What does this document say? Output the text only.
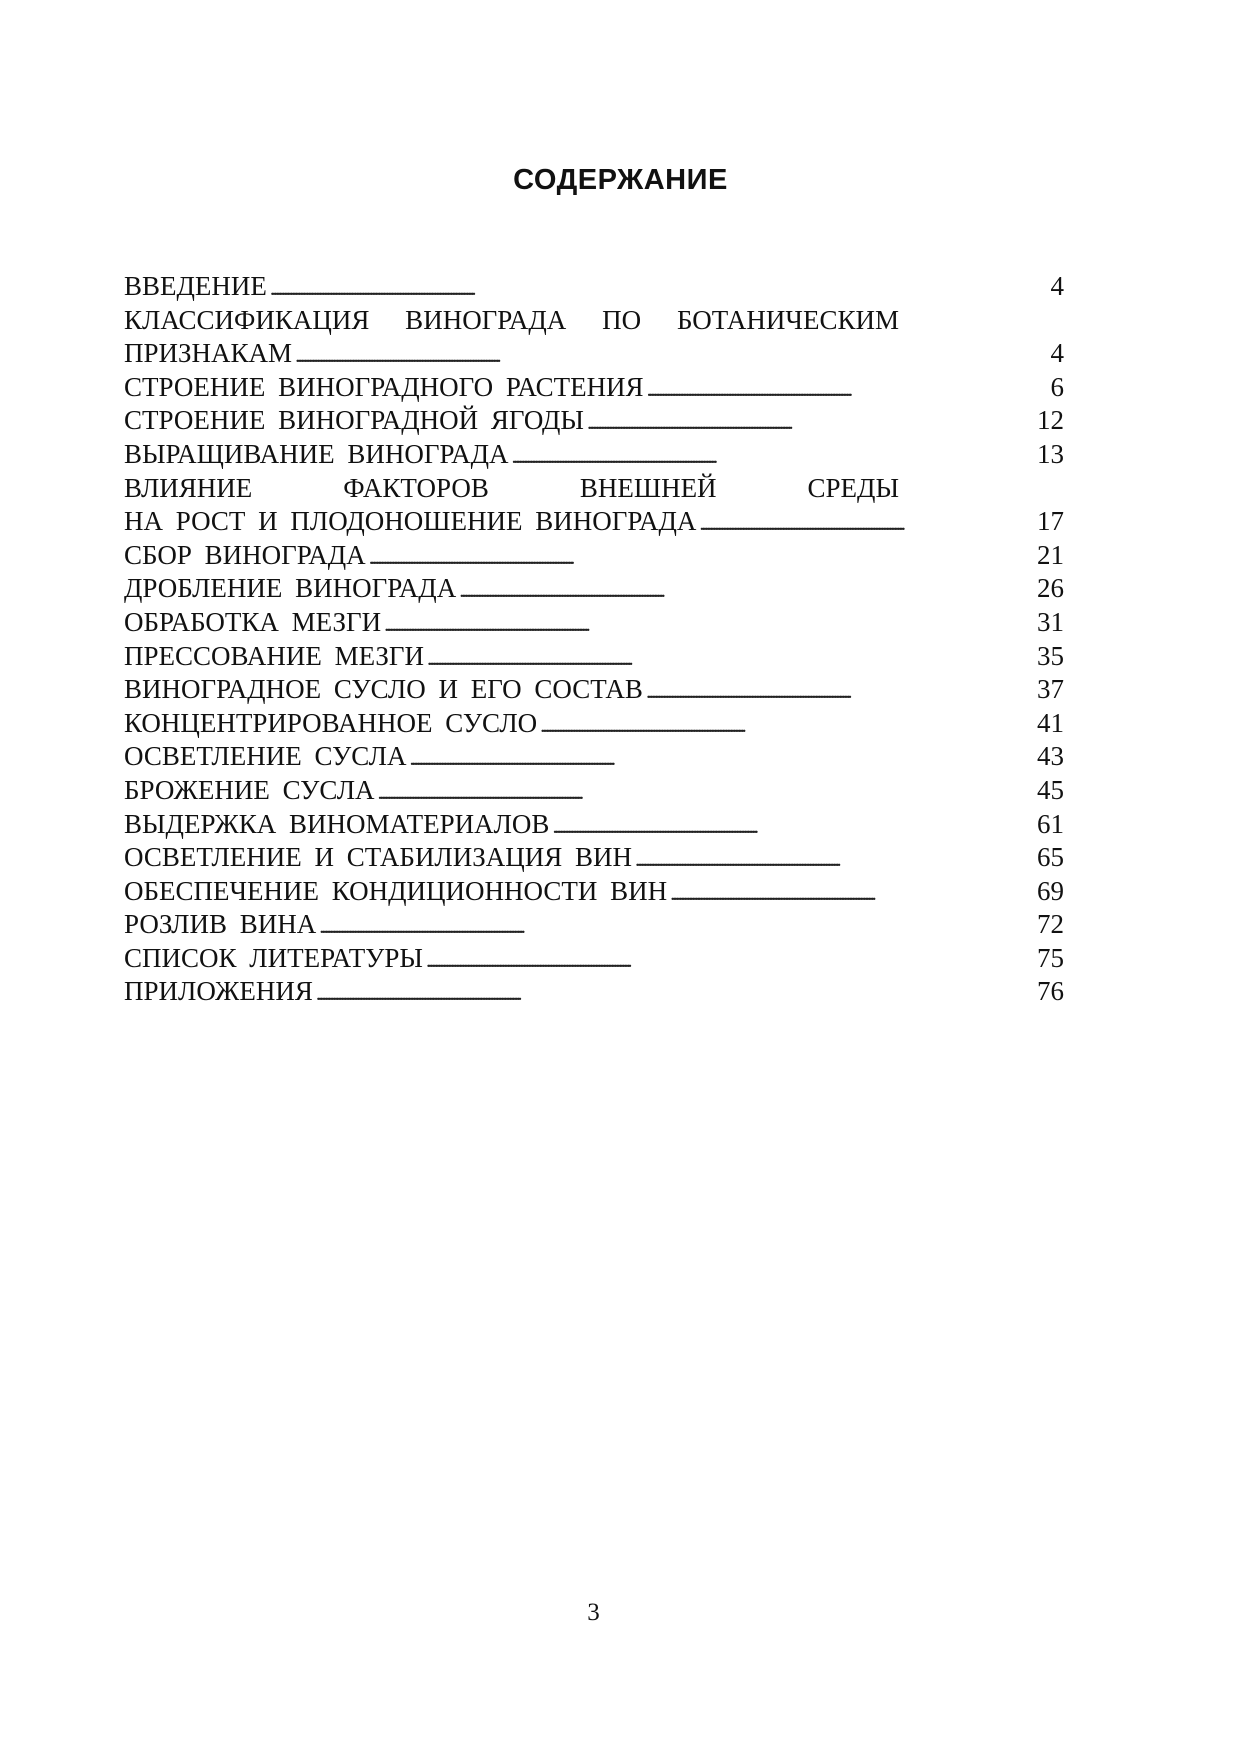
СОДЕРЖАНИЕ
ВВЕДЕНИЕ . . .	4
КЛАССИФИКАЦИЯ ВИНОГРАДА ПО БОТАНИЧЕСКИМ
ПРИЗНАКАМ . . .	4
СТРОЕНИЕ ВИНОГРАДНОГО РАСТЕНИЯ . . .	6
СТРОЕНИЕ ВИНОГРАДНОЙ ЯГОДЫ . . .	12
ВЫРАЩИВАНИЕ ВИНОГРАДА . . .	13
ВЛИЯНИЕ ФАКТОРОВ ВНЕШНЕЙ СРЕДЫ
НА РОСТ И ПЛОДОНОШЕНИЕ ВИНОГРАДА . . .	17
СБОР ВИНОГРАДА . . .	21
ДРОБЛЕНИЕ ВИНОГРАДА . . .	26
ОБРАБОТКА МЕЗГИ . . .	31
ПРЕССОВАНИЕ МЕЗГИ . . .	35
ВИНОГРАДНОЕ СУСЛО И ЕГО СОСТАВ . . .	37
КОНЦЕНТРИРОВАННОЕ СУСЛО . . .	41
ОСВЕТЛЕНИЕ СУСЛА . . .	43
БРОЖЕНИЕ СУСЛА . . .	45
ВЫДЕРЖКА ВИНОМАТЕРИАЛОВ . . .	61
ОСВЕТЛЕНИЕ И СТАБИЛИЗАЦИЯ ВИН . . .	65
ОБЕСПЕЧЕНИЕ КОНДИЦИОННОСТИ ВИН . . .	69
РОЗЛИВ ВИНА . . .	72
СПИСОК ЛИТЕРАТУРЫ . . .	75
ПРИЛОЖЕНИЯ . . .	76
3
